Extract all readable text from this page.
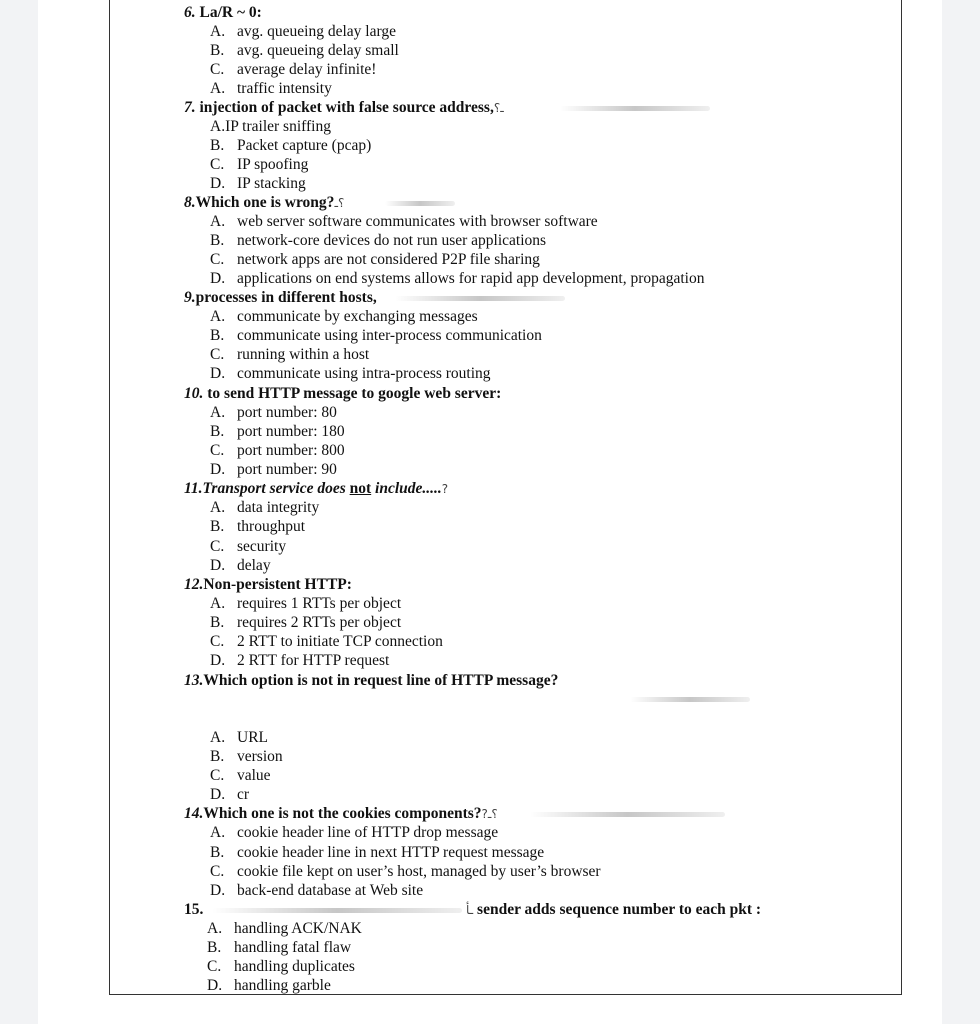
6. La/R ~ 0:
A. avg. queueing delay large
B. avg. queueing delay small
C. average delay infinite!
A. traffic intensity
7. injection of packet with false source address,ـ؟
A.IP trailer sniffing
B. Packet capture (pcap)
C. IP spoofing
D. IP stacking
8.Which one is wrong?؟ـ
A. web server software communicates with browser software
B. network-core devices do not run user applications
C. network apps are not considered P2P file sharing
D. applications on end systems allows for rapid app development, propagation
9.processes in different hosts,
A. communicate by exchanging messages
B. communicate using inter-process communication
C. running within a host
D. communicate using intra-process routing
10. to send HTTP message to google web server:
A. port number: 80
B. port number: 180
C. port number: 800
D. port number: 90
11.Transport service does not include.....?
A. data integrity
B. throughput
C. security
D. delay
12.Non-persistent HTTP:
A. requires 1 RTTs per object
B. requires 2 RTTs per object
C. 2 RTT to initiate TCP connection
D. 2 RTT for HTTP request
13.Which option is not in request line of HTTP message?
A. URL
B. version
C. value
D. cr
14.Which one is not the cookies components??؟ـ
A. cookie header line of HTTP drop message
B. cookie header line in next HTTP request message
C. cookie file kept on user’s host, managed by user’s browser
D. back-end database at Web site
15.	ـأ sender adds sequence number to each pkt :
A. handling ACK/NAK
B. handling fatal flaw
C. handling duplicates
D. handling garble
